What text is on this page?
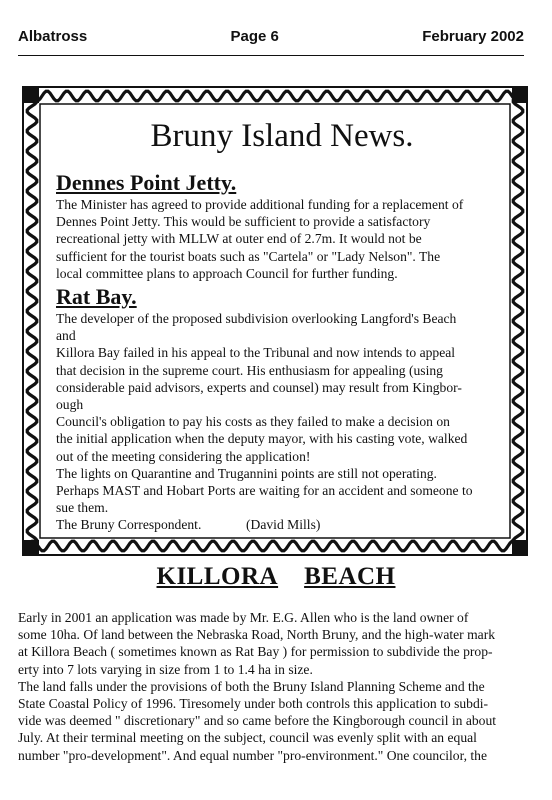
Albatross	Page 6	February 2002
Bruny Island News.
Dennes Point Jetty.
The Minister has agreed to provide additional funding for a replacement of
Dennes Point Jetty. This would be sufficient to provide a satisfactory
recreational jetty with MLLW at outer end of 2.7m. It would not be
sufficient for the tourist boats such as "Cartela" or "Lady Nelson". The
local committee plans to approach Council for further funding.
Rat Bay.
The developer of the proposed subdivision overlooking Langford's Beach
and
Killora Bay failed in his appeal to the Tribunal and now intends to appeal
that decision in the supreme court. His enthusiasm for appealing (using
considerable paid advisors, experts and counsel) may result from Kingbor-
ough
Council's obligation to pay his costs as they failed to make a decision on
the initial application when the deputy mayor, with his casting vote, walked
out of the meeting considering the application!
The lights on Quarantine and Trugannini points are still not operating.
Perhaps MAST and Hobart Ports are waiting for an accident and someone to
sue them.
The Bruny Correspondent.	(David Mills)
KILLORA BEACH
Early in 2001 an application was made by Mr. E.G. Allen who is the land owner of
some 10ha. Of land between the Nebraska Road, North Bruny, and the high-water mark
at Killora Beach ( sometimes known as Rat Bay ) for permission to subdivide the prop-
erty into 7 lots varying in size from 1 to 1.4 ha in size.
The land falls under the provisions of both the Bruny Island Planning Scheme and the
State Coastal Policy of 1996. Tiresomely under both controls this application to subdi-
vide was deemed " discretionary" and so came before the Kingborough council in about
July. At their terminal meeting on the subject, council was evenly split with an equal
number "pro-development". And equal number "pro-environment." One councilor, the
